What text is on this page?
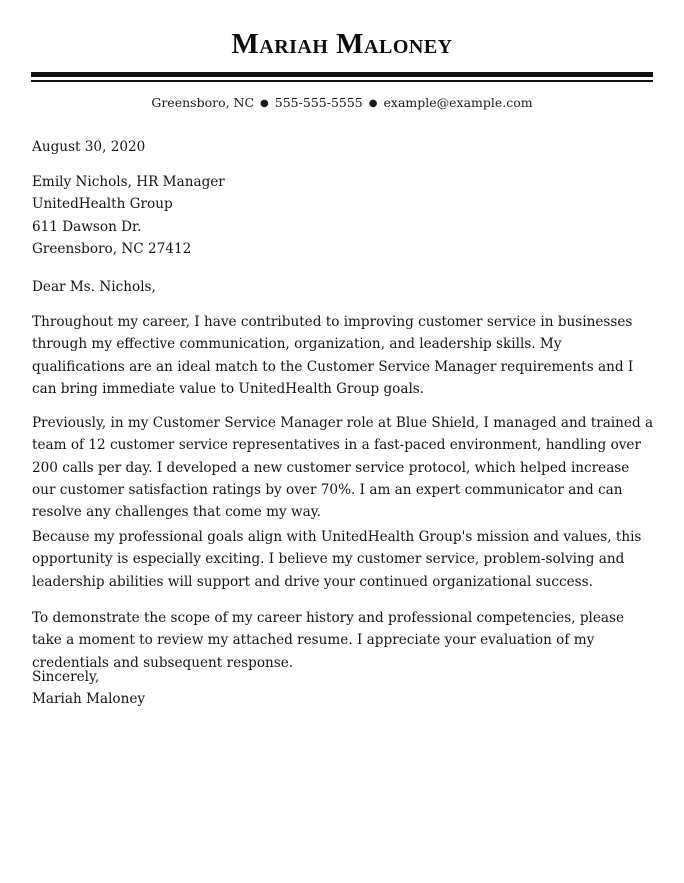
Mariah Maloney
Greensboro, NC ● 555-555-5555 ● example@example.com
August 30, 2020
Emily Nichols, HR Manager
UnitedHealth Group
611 Dawson Dr.
Greensboro, NC 27412
Dear Ms. Nichols,

Throughout my career, I have contributed to improving customer service in businesses through my effective communication, organization, and leadership skills. My qualifications are an ideal match to the Customer Service Manager requirements and I can bring immediate value to UnitedHealth Group goals.

Previously, in my Customer Service Manager role at Blue Shield, I managed and trained a team of 12 customer service representatives in a fast-paced environment, handling over 200 calls per day. I developed a new customer service protocol, which helped increase our customer satisfaction ratings by over 70%. I am an expert communicator and can resolve any challenges that come my way.

Because my professional goals align with UnitedHealth Group's mission and values, this opportunity is especially exciting. I believe my customer service, problem-solving and leadership abilities will support and drive your continued organizational success.

To demonstrate the scope of my career history and professional competencies, please take a moment to review my attached resume. I appreciate your evaluation of my credentials and subsequent response.

Sincerely,
Mariah Maloney
